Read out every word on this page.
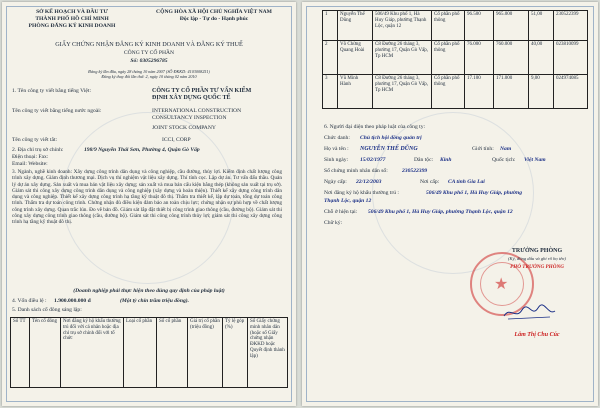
SỞ KẾ HOẠCH VÀ ĐẦU TƯ
THÀNH PHỐ HỒ CHÍ MINH
PHÒNG ĐĂNG KÝ KINH DOANH
CỘNG HÒA XÃ HỘI CHỦ NGHĨA VIỆT NAM
Độc lập - Tự do - Hạnh phúc
GIẤY CHỨNG NHẬN ĐĂNG KÝ KINH DOANH VÀ ĐĂNG KÝ THUẾ
CÔNG TY CỔ PHẦN
Số: 0305296785
Đăng ký lần đầu, ngày 28 tháng 10 năm 2007 (SỐ ĐKKD: 4103008251)
Đăng ký thay đổi lần thứ: 2, ngày 10 tháng 02 năm 2010
1. Tên công ty viết bằng tiếng Việt:	CÔNG TY CỔ PHẦN TƯ VẤN KIỂM
ĐỊNH XÂY DỰNG QUỐC TẾ
Tên công ty viết bằng tiếng nước ngoài:	INTERNATIONAL CONSTRUCTION
CONSULTANCY INSPECTION
JOINT STOCK COMPANY
Tên công ty viết tắt:	ICCI, CORP
2. Địa chỉ trụ sở chính:	198/9 Nguyễn Thái Sơn, Phường 4, Quận Gò Vấp
Điện thoại: Fax:
Email: Website:
3. Ngành, nghề kinh doanh: Xây dựng công trình dân dụng và công nghiệp, cầu đường, thủy lợi. Kiểm định chất lượng công trình xây dựng. Giám định thương mại. Dịch vụ thí nghiệm vật liệu xây dựng. Thí tính cọc. Lập dự án. Tư vấn đấu thầu. Quản lý dự án xây dựng. Sản xuất và mua bán vật liệu xây dựng; sản xuất và mua bán cấu kiện bằng thép (không sản xuất tại trụ sở). Giám sát thi công xây dựng công trình dân dụng và công nghiệp (xây dựng và hoàn thiện). Thiết kế xây dựng công trình dân dụng và công nghiệp. Thiết kế xây dựng công trình hạ tầng kỹ thuật đô thị. Thẩm tra thiết kế, lập dự toán, tổng dự toán công trình. Thẩm tra dự toán công trình. Chứng nhận đủ điều kiện đảm bảo an toàn chịu lực; chứng nhận sự phù hợp về chất lượng công trình xây dựng. Quan trắc lún. Đo vẽ bản đồ. Giám sát lắp đặt thiết bị công trình giao thông (cầu, đường bộ). Giám sát thi công xây dựng công trình giao thông (cầu, đường bộ). Giám sát thi công công trình thủy lợi; giám sát thi công xây dựng công trình hạ tầng kỹ thuật đô thị.
(Doanh nghiệp phải thực hiện theo đúng quy định của pháp luật)
4. Vốn điều lệ : 1.900.000.000 đ	(Một tỷ chín trăm triệu đồng).
5. Danh sách cổ đông sáng lập:
Số TT	Tên cổ đông	Nơi đăng ký hộ khẩu thường trú đối với cá nhân hoặc địa chỉ trụ sở chính đối với tổ chức	Loại cổ phần	Số cổ phần	Giá trị cổ phần (triệu đồng)	Tỷ lệ góp (%)	Số Giấy chứng minh nhân dân (hoặc số Giấy chứng nhận ĐKKD hoặc Quyết định thành lập)
1	Nguyễn Thế Dũng	506/49 Khu phố 1, Hà Huy Giáp, phường Thạnh Lộc, quận 12	Cổ phần phổ thông	96.500	965.000	51,00	230522399
2	Võ Chừng Quang Hoài	C8 Đường 26 tháng 3, phường 17, Quận Gò Vấp, Tp HCM	Cổ phần phổ thông	76.000	760.000	40,00	023810099
3	Vũ Minh Hành	C8 Đường 26 tháng 3, phường 17, Quận Gò Vấp, Tp HCM	Cổ phần phổ thông	17.100	171.000	9,00	024974085
6. Người đại diện theo pháp luật của công ty:
Chức danh: Chủ tịch hội đồng quản trị
Họ và tên : NGUYỄN THẾ DŨNG	Giới tính: Nam
Sinh ngày: 15/02/1977	Dân tộc: Kinh	Quốc tịch: Việt Nam
Số chứng minh nhân dân số:	230522399
Ngày cấp: 22/12/2003	Nơi cấp: CA tỉnh Gia Lai
Nơi đăng ký hộ khẩu thường trú :	506/49 Khu phố 1, Hà Huy Giáp, phường
Thạnh Lộc, quận 12
Chỗ ở hiện tại: 506/49 Khu phố 1, Hà Huy Giáp, phường Thạnh Lộc, quận 12
Chữ ký:
★
TRƯỞNG PHÒNG
(Ký, đóng dấu và ghi rõ họ tên)
PHÓ TRƯỞNG PHÒNG
Lâm Thị Chu Cúc
